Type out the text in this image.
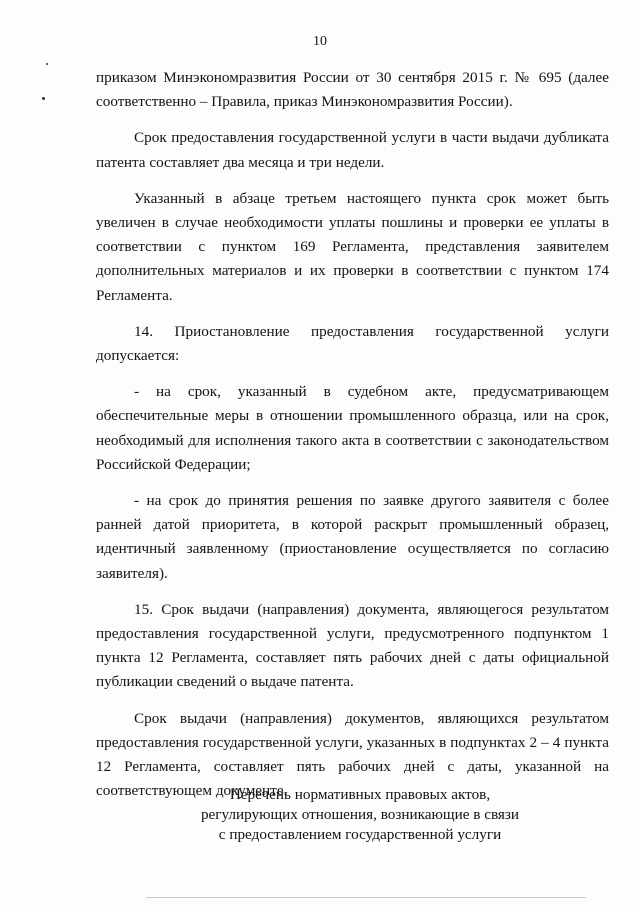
10

приказом Минэкономразвития России от 30 сентября 2015 г. № 695 (далее соответственно – Правила, приказ Минэкономразвития России).

Срок предоставления государственной услуги в части выдачи дубликата патента составляет два месяца и три недели.

Указанный в абзаце третьем настоящего пункта срок может быть увеличен в случае необходимости уплаты пошлины и проверки ее уплаты в соответствии с пунктом 169 Регламента, представления заявителем дополнительных материалов и их проверки в соответствии с пунктом 174 Регламента.

14. Приостановление предоставления государственной услуги допускается:

- на срок, указанный в судебном акте, предусматривающем обеспечительные меры в отношении промышленного образца, или на срок, необходимый для исполнения такого акта в соответствии с законодательством Российской Федерации;

- на срок до принятия решения по заявке другого заявителя с более ранней датой приоритета, в которой раскрыт промышленный образец, идентичный заявленному (приостановление осуществляется по согласию заявителя).

15. Срок выдачи (направления) документа, являющегося результатом предоставления государственной услуги, предусмотренного подпунктом 1 пункта 12 Регламента, составляет пять рабочих дней с даты официальной публикации сведений о выдаче патента.

Срок выдачи (направления) документов, являющихся результатом предоставления государственной услуги, указанных в подпунктах 2 – 4 пункта 12 Регламента, составляет пять рабочих дней с даты, указанной на соответствующем документе.

Перечень нормативных правовых актов,
регулирующих отношения, возникающие в связи
с предоставлением государственной услуги
